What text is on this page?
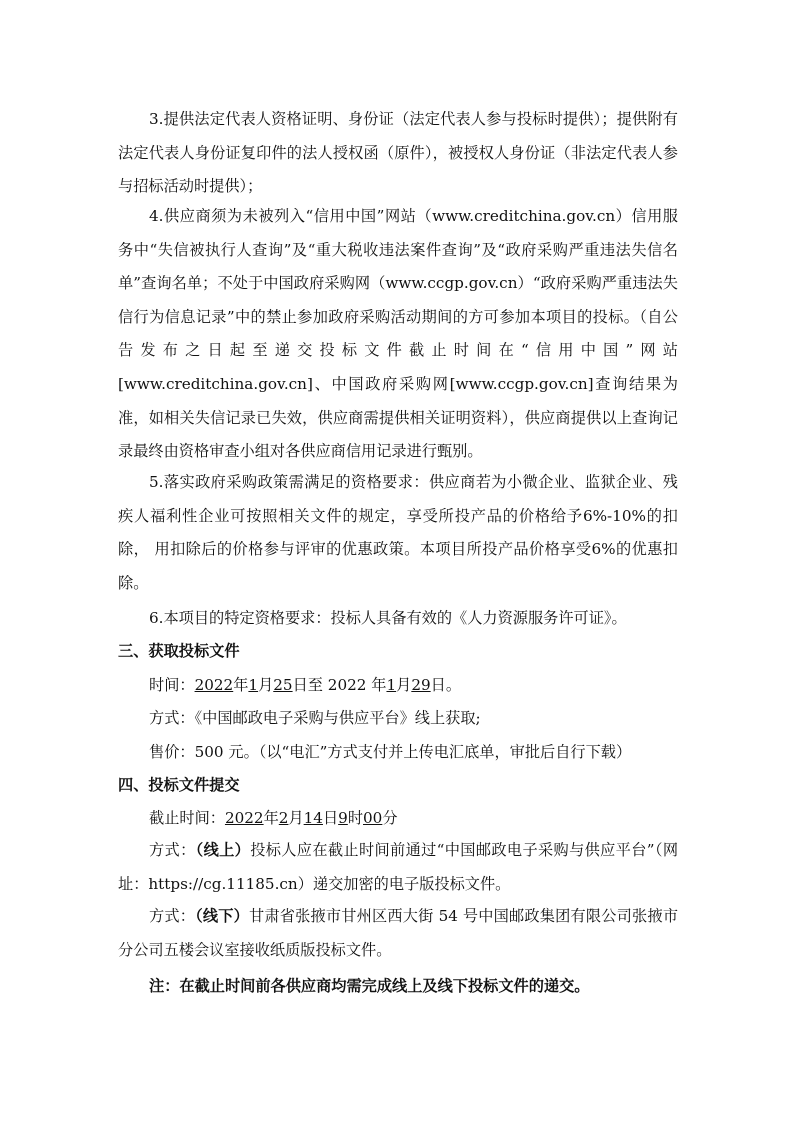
3.提供法定代表人资格证明、身份证（法定代表人参与投标时提供）；提供附有法定代表人身份证复印件的法人授权函（原件），被授权人身份证（非法定代表人参与招标活动时提供）；

4.供应商须为未被列入“信用中国”网站（www.creditchina.gov.cn）信用服务中“失信被执行人查询”及“重大税收违法案件查询”及“政府采购严重违法失信名单”查询名单；不处于中国政府采购网（www.ccgp.gov.cn）“政府采购严重违法失信行为信息记录”中的禁止参加政府采购活动期间的方可参加本项目的投标。（自公告发布之日起至递交投标文件截止时间在“信用中国”网站[www.creditchina.gov.cn]、中国政府采购网[www.ccgp.gov.cn]查询结果为准，如相关失信记录已失效，供应商需提供相关证明资料），供应商提供以上查询记录最终由资格审查小组对各供应商信用记录进行甄别。

5.落实政府采购政策需满足的资格要求：供应商若为小微企业、监狱企业、残疾人福利性企业可按照相关文件的规定，享受所投产品的价格给予6%-10%的扣除， 用扣除后的价格参与评审的优惠政策。本项目所投产品价格享受6%的优惠扣除。

6.本项目的特定资格要求：投标人具备有效的《人力资源服务许可证》。

三、获取投标文件

时间：2022年1月25日至 2022 年1月29日。

方式：《中国邮政电子采购与供应平台》线上获取;

售价：500 元。（以“电汇”方式支付并上传电汇底单，审批后自行下载）

四、投标文件提交

截止时间：2022年2月14日9时00分

方式：（线上）投标人应在截止时间前通过“中国邮政电子采购与供应平台”（网址：https://cg.11185.cn）递交加密的电子版投标文件。

方式：（线下）甘肃省张掖市甘州区西大街 54 号中国邮政集团有限公司张掖市分公司五楼会议室接收纸质版投标文件。

注：在截止时间前各供应商均需完成线上及线下投标文件的递交。
